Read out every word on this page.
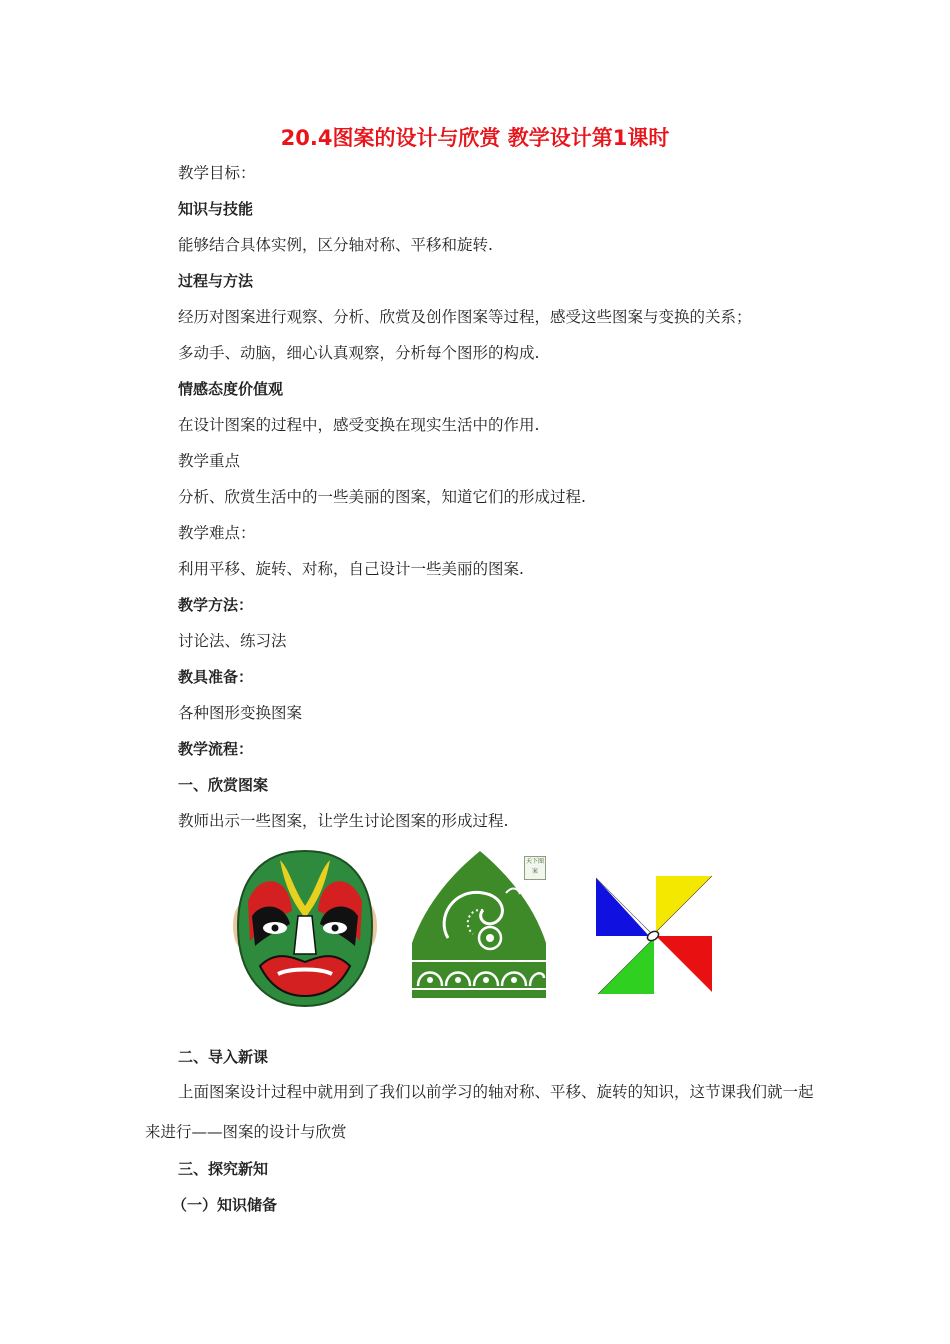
20.4图案的设计与欣赏 教学设计第1课时
教学目标：
知识与技能
能够结合具体实例，区分轴对称、平移和旋转.
过程与方法
经历对图案进行观察、分析、欣赏及创作图案等过程，感受这些图案与变换的关系；
多动手、动脑，细心认真观察，分析每个图形的构成.
情感态度价值观
在设计图案的过程中，感受变换在现实生活中的作用.
教学重点
分析、欣赏生活中的一些美丽的图案，知道它们的形成过程.
教学难点：
利用平移、旋转、对称，自己设计一些美丽的图案.
教学方法：
讨论法、练习法
教具准备：
各种图形变换图案
教学流程：
一、欣赏图案
教师出示一些图案，让学生讨论图案的形成过程.
天下图案
二、导入新课
上面图案设计过程中就用到了我们以前学习的轴对称、平移、旋转的知识，这节课我们就一起来进行——图案的设计与欣赏
三、探究新知
（一）知识储备
